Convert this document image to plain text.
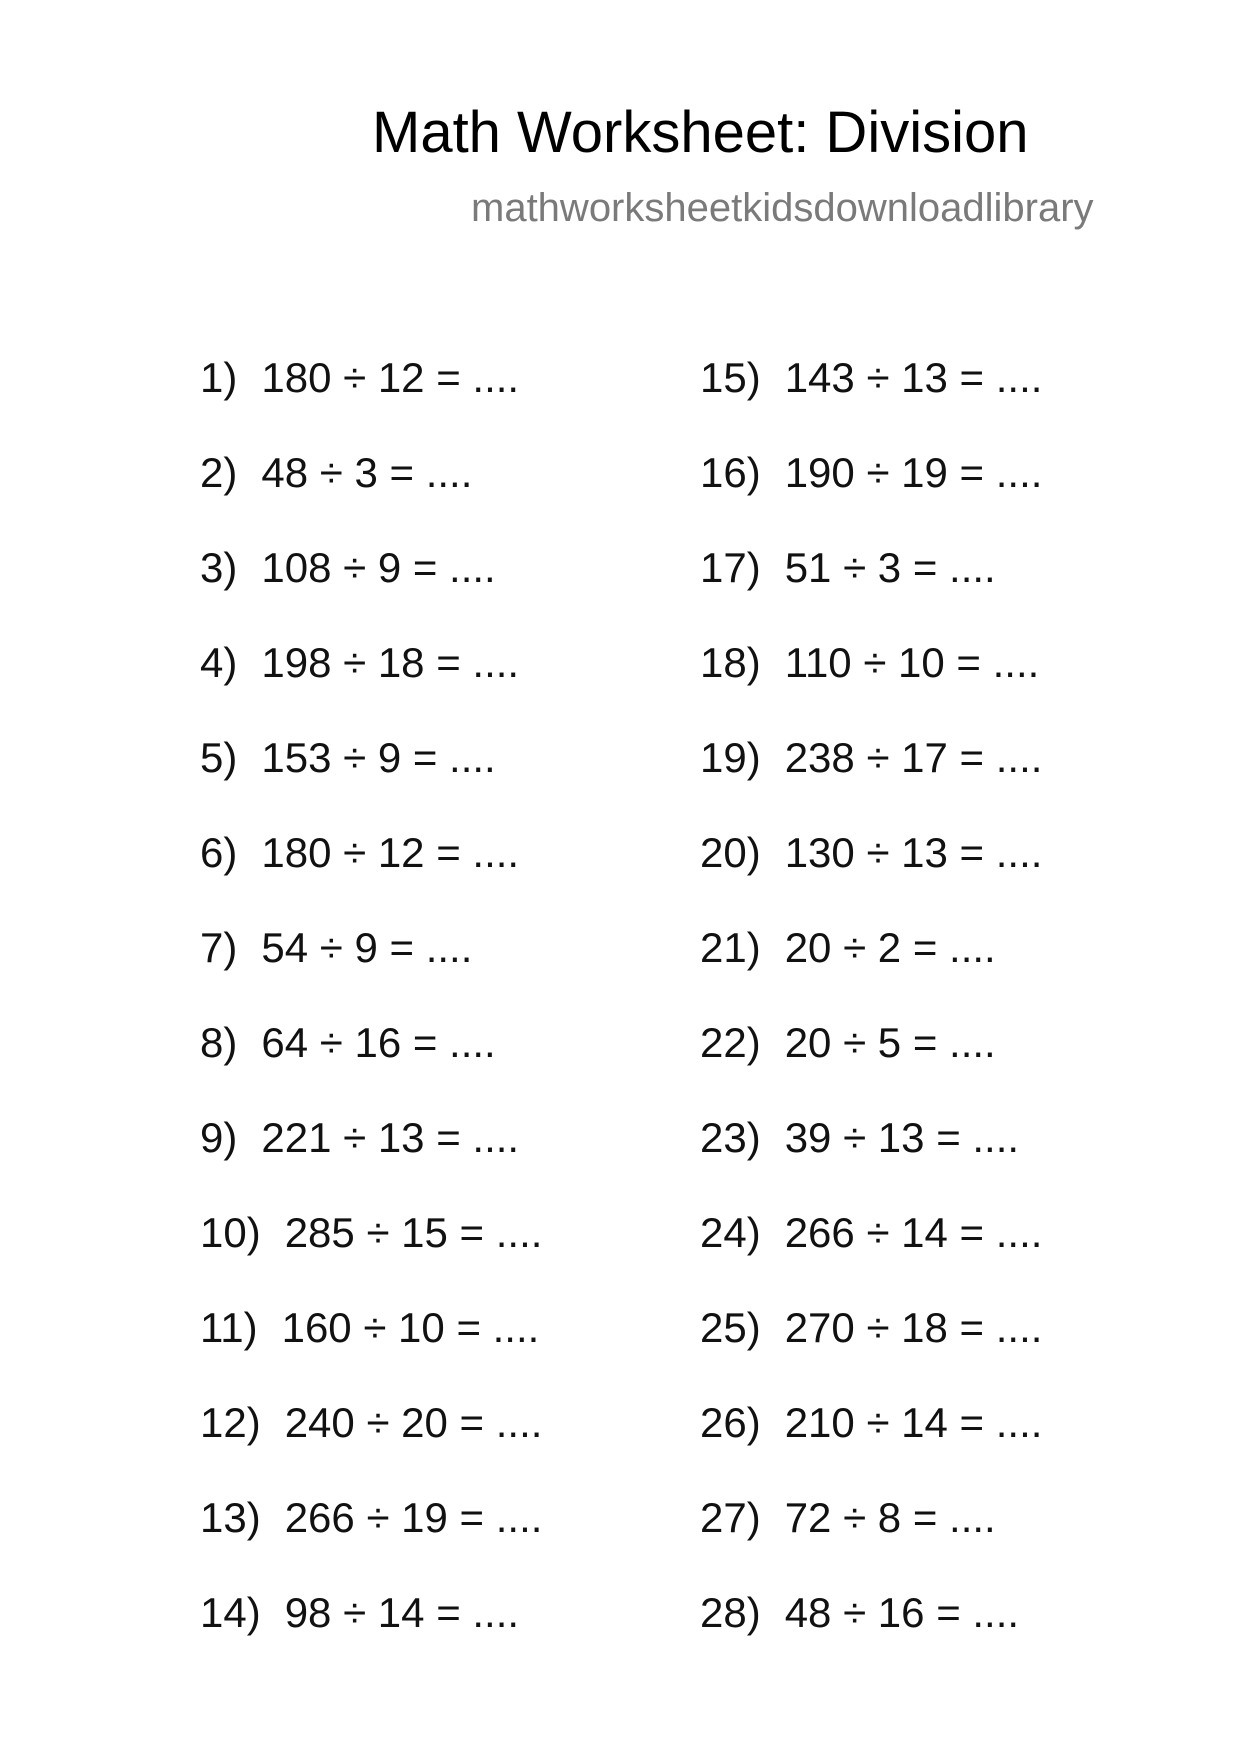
Math Worksheet: Division
mathworksheetkidsdownloadlibrary
1) 180 ÷ 12 = ....
2) 48 ÷ 3 = ....
3) 108 ÷ 9 = ....
4) 198 ÷ 18 = ....
5) 153 ÷ 9 = ....
6) 180 ÷ 12 = ....
7) 54 ÷ 9 = ....
8) 64 ÷ 16 = ....
9) 221 ÷ 13 = ....
10) 285 ÷ 15 = ....
11) 160 ÷ 10 = ....
12) 240 ÷ 20 = ....
13) 266 ÷ 19 = ....
14) 98 ÷ 14 = ....
15) 143 ÷ 13 = ....
16) 190 ÷ 19 = ....
17) 51 ÷ 3 = ....
18) 110 ÷ 10 = ....
19) 238 ÷ 17 = ....
20) 130 ÷ 13 = ....
21) 20 ÷ 2 = ....
22) 20 ÷ 5 = ....
23) 39 ÷ 13 = ....
24) 266 ÷ 14 = ....
25) 270 ÷ 18 = ....
26) 210 ÷ 14 = ....
27) 72 ÷ 8 = ....
28) 48 ÷ 16 = ....
